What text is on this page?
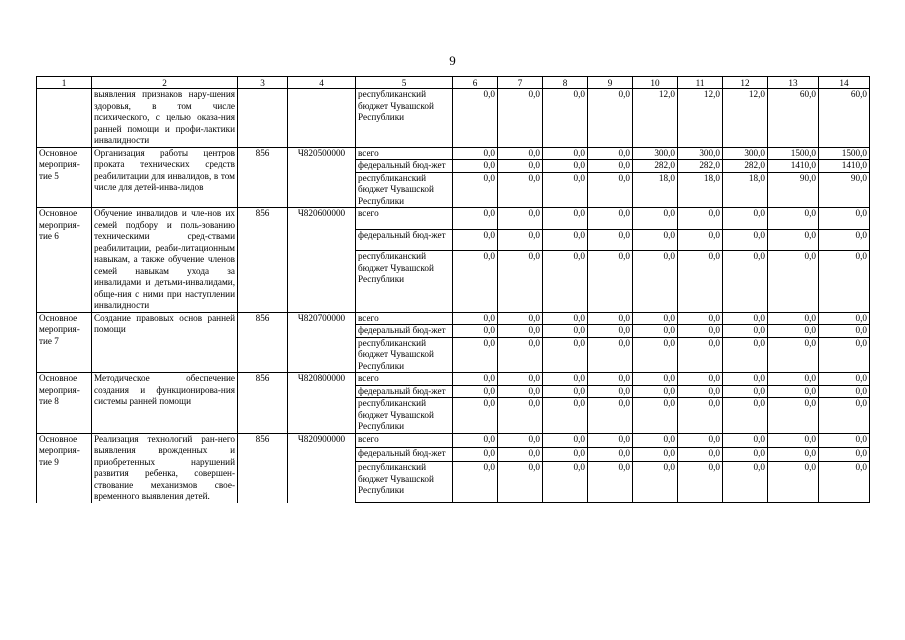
9
1	2	3	4	5	6	7	8	9	10	11	12	13	14
	выявления признаков нару-шения здоровья, в том числе психического, с целью оказа-ния ранней помощи и профи-лактики инвалидности			республиканский бюджет Чувашской Республики	0,0	0,0	0,0	0,0	12,0	12,0	12,0	60,0	60,0
Основное мероприя-тие 5	Организация работы центров проката технических средств реабилитации для инвалидов, в том числе для детей-инва-лидов	856	Ч820500000	всего	0,0	0,0	0,0	0,0	300,0	300,0	300,0	1500,0	1500,0
				федеральный бюд-жет	0,0	0,0	0,0	0,0	282,0	282,0	282,0	1410,0	1410,0
				республиканский бюджет Чувашской Республики	0,0	0,0	0,0	0,0	18,0	18,0	18,0	90,0	90,0
Основное мероприя-тие 6	Обучение инвалидов и чле-нов их семей подбору и поль-зованию техническими сред-ствами реабилитации, реаби-литационным навыкам, а также обучение членов семей навыкам ухода за инвалидами и детьми-инвалидами, обще-ния с ними при наступлении инвалидности	856	Ч820600000	всего	0,0	0,0	0,0	0,0	0,0	0,0	0,0	0,0	0,0
				федеральный бюд-жет	0,0	0,0	0,0	0,0	0,0	0,0	0,0	0,0	0,0
				республиканский бюджет Чувашской Республики	0,0	0,0	0,0	0,0	0,0	0,0	0,0	0,0	0,0
Основное мероприя-тие 7	Создание правовых основ ранней помощи	856	Ч820700000	всего	0,0	0,0	0,0	0,0	0,0	0,0	0,0	0,0	0,0
				федеральный бюд-жет	0,0	0,0	0,0	0,0	0,0	0,0	0,0	0,0	0,0
				республиканский бюджет Чувашской Республики	0,0	0,0	0,0	0,0	0,0	0,0	0,0	0,0	0,0
Основное мероприя-тие 8	Методическое обеспечение создания и функционирова-ния системы ранней помощи	856	Ч820800000	всего	0,0	0,0	0,0	0,0	0,0	0,0	0,0	0,0	0,0
				федеральный бюд-жет	0,0	0,0	0,0	0,0	0,0	0,0	0,0	0,0	0,0
				республиканский бюджет Чувашской Республики	0,0	0,0	0,0	0,0	0,0	0,0	0,0	0,0	0,0
Основное мероприя-тие 9	Реализация технологий ран-него выявления врожденных и приобретенных нарушений развития ребенка, совершен-ствование механизмов свое-временного выявления детей.	856	Ч820900000	всего	0,0	0,0	0,0	0,0	0,0	0,0	0,0	0,0	0,0
				федеральный бюд-жет	0,0	0,0	0,0	0,0	0,0	0,0	0,0	0,0	0,0
				республиканский бюджет Чувашской Республики	0,0	0,0	0,0	0,0	0,0	0,0	0,0	0,0	0,0
